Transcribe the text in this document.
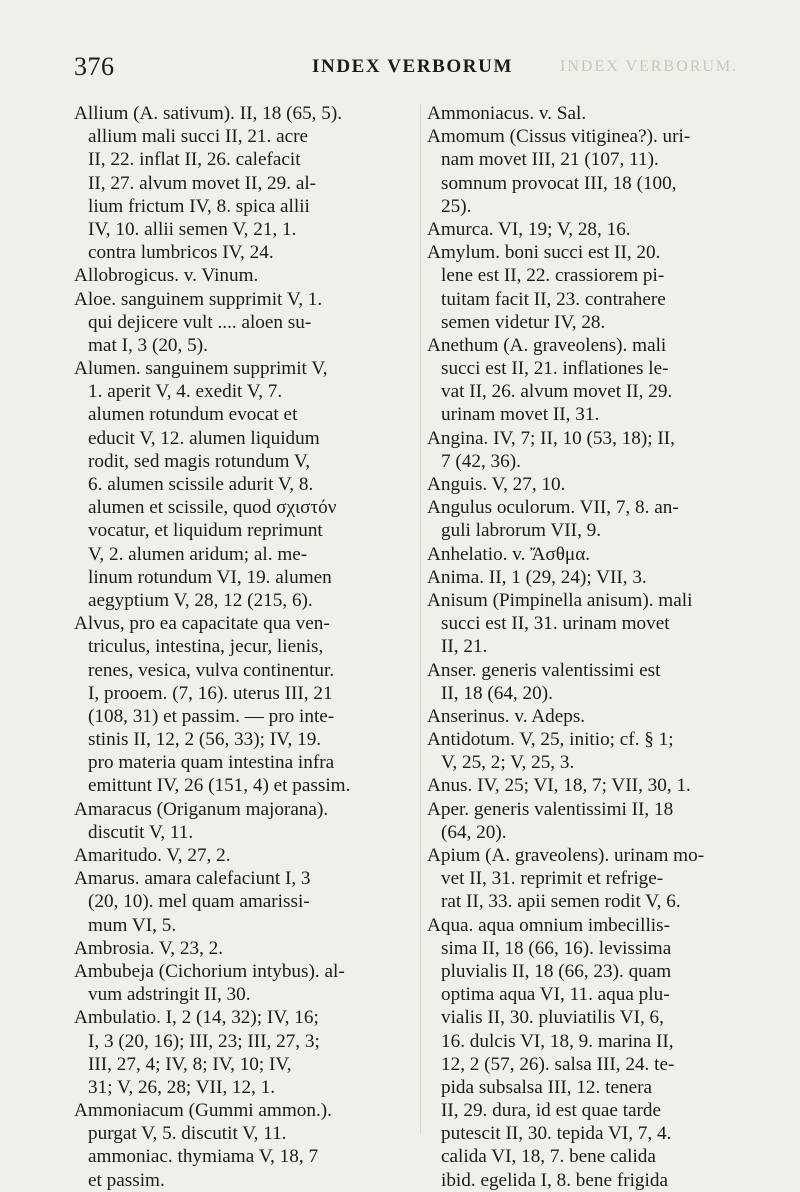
376	INDEX VERBORUM	INDEX VERBORUM.
Allium (A. sativum). II, 18 (65, 5).
allium mali succi II, 21. acre
II, 22. inflat II, 26. calefacit
II, 27. alvum movet II, 29. al-
lium frictum IV, 8. spica allii
IV, 10. allii semen V, 21, 1.
contra lumbricos IV, 24.
Allobrogicus. v. Vinum.
Aloe. sanguinem supprimit V, 1.
qui dejicere vult .... aloen su-
mat I, 3 (20, 5).
Alumen. sanguinem supprimit V,
1. aperit V, 4. exedit V, 7.
alumen rotundum evocat et
educit V, 12. alumen liquidum
rodit, sed magis rotundum V,
6. alumen scissile adurit V, 8.
alumen et scissile, quod σχιστόν
vocatur, et liquidum reprimunt
V, 2. alumen aridum; al. me-
linum rotundum VI, 19. alumen
aegyptium V, 28, 12 (215, 6).
Alvus, pro ea capacitate qua ven-
triculus, intestina, jecur, lienis,
renes, vesica, vulva continentur.
I, prooem. (7, 16). uterus III, 21
(108, 31) et passim. — pro inte-
stinis II, 12, 2 (56, 33); IV, 19.
pro materia quam intestina infra
emittunt IV, 26 (151, 4) et passim.
Amaracus (Origanum majorana).
discutit V, 11.
Amaritudo. V, 27, 2.
Amarus. amara calefaciunt I, 3
(20, 10). mel quam amarissi-
mum VI, 5.
Ambrosia. V, 23, 2.
Ambubeja (Cichorium intybus). al-
vum adstringit II, 30.
Ambulatio. I, 2 (14, 32); IV, 16;
I, 3 (20, 16); III, 23; III, 27, 3;
III, 27, 4; IV, 8; IV, 10; IV,
31; V, 26, 28; VII, 12, 1.
Ammoniacum (Gummi ammon.).
purgat V, 5. discutit V, 11.
ammoniac. thymiama V, 18, 7
et passim.
Ammoniacus. v. Sal.
Amomum (Cissus vitiginea?). uri-
nam movet III, 21 (107, 11).
somnum provocat III, 18 (100,
25).
Amurca. VI, 19; V, 28, 16.
Amylum. boni succi est II, 20.
lene est II, 22. crassiorem pi-
tuitam facit II, 23. contrahere
semen videtur IV, 28.
Anethum (A. graveolens). mali
succi est II, 21. inflationes le-
vat II, 26. alvum movet II, 29.
urinam movet II, 31.
Angina. IV, 7; II, 10 (53, 18); II,
7 (42, 36).
Anguis. V, 27, 10.
Angulus oculorum. VII, 7, 8. an-
guli labrorum VII, 9.
Anhelatio. v. Ἄσθμα.
Anima. II, 1 (29, 24); VII, 3.
Anisum (Pimpinella anisum). mali
succi est II, 31. urinam movet
II, 21.
Anser. generis valentissimi est
II, 18 (64, 20).
Anserinus. v. Adeps.
Antidotum. V, 25, initio; cf. § 1;
V, 25, 2; V, 25, 3.
Anus. IV, 25; VI, 18, 7; VII, 30, 1.
Aper. generis valentissimi II, 18
(64, 20).
Apium (A. graveolens). urinam mo-
vet II, 31. reprimit et refrige-
rat II, 33. apii semen rodit V, 6.
Aqua. aqua omnium imbecillis-
sima II, 18 (66, 16). levissima
pluvialis II, 18 (66, 23). quam
optima aqua VI, 11. aqua plu-
vialis II, 30. pluviatilis VI, 6,
16. dulcis VI, 18, 9. marina II,
12, 2 (57, 26). salsa III, 24. te-
pida subsalsa III, 12. tenera
II, 29. dura, id est quae tarde
putescit II, 30. tepida VI, 7, 4.
calida VI, 18, 7. bene calida
ibid. egelida I, 8. bene frigida
